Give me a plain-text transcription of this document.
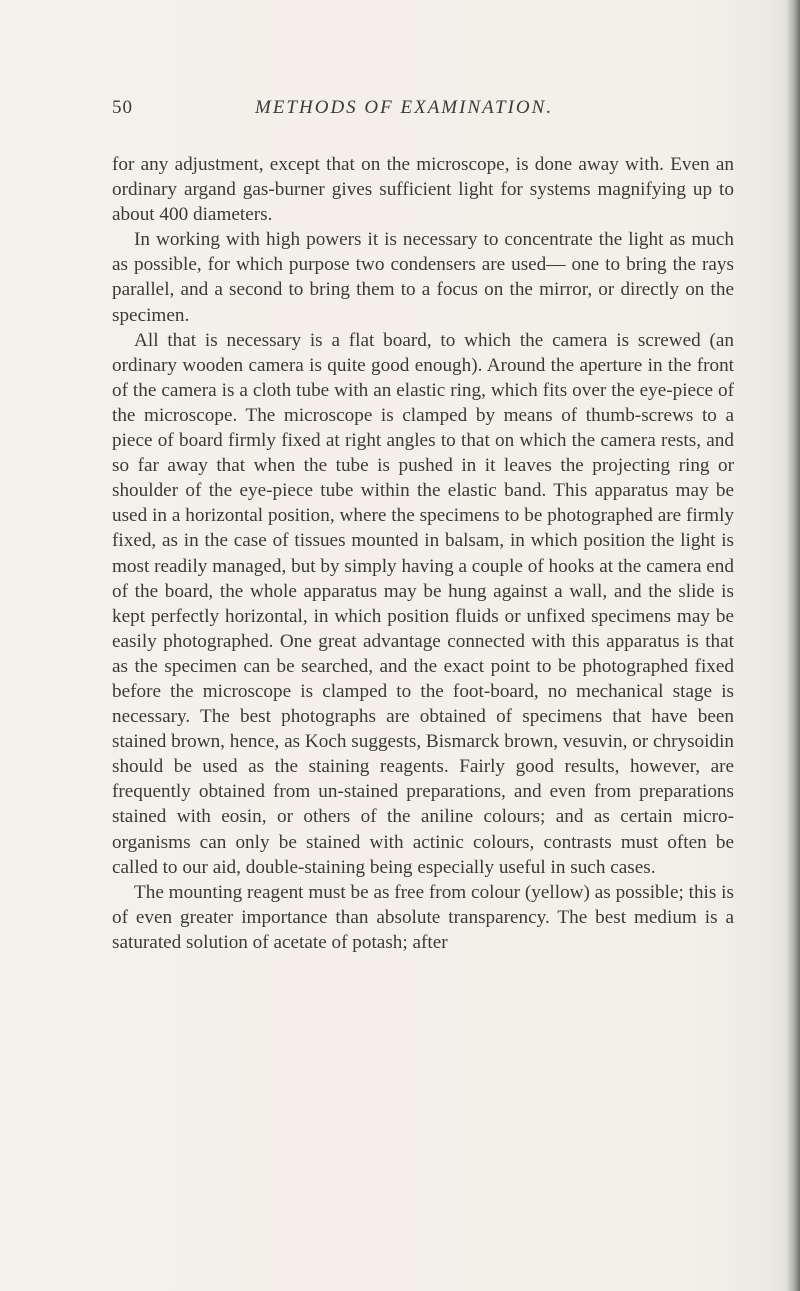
50	METHODS OF EXAMINATION.

for any adjustment, except that on the microscope, is done away with. Even an ordinary argand gas-burner gives sufficient light for systems magnifying up to about 400 diameters.

In working with high powers it is necessary to concentrate the light as much as possible, for which purpose two condensers are used— one to bring the rays parallel, and a second to bring them to a focus on the mirror, or directly on the specimen.

All that is necessary is a flat board, to which the camera is screwed (an ordinary wooden camera is quite good enough). Around the aperture in the front of the camera is a cloth tube with an elastic ring, which fits over the eye-piece of the microscope. The microscope is clamped by means of thumb-screws to a piece of board firmly fixed at right angles to that on which the camera rests, and so far away that when the tube is pushed in it leaves the projecting ring or shoulder of the eye-piece tube within the elastic band. This apparatus may be used in a horizontal position, where the specimens to be photographed are firmly fixed, as in the case of tissues mounted in balsam, in which position the light is most readily managed, but by simply having a couple of hooks at the camera end of the board, the whole apparatus may be hung against a wall, and the slide is kept perfectly horizontal, in which position fluids or unfixed specimens may be easily photographed. One great advantage connected with this apparatus is that as the specimen can be searched, and the exact point to be photographed fixed before the microscope is clamped to the foot-board, no mechanical stage is necessary. The best photographs are obtained of specimens that have been stained brown, hence, as Koch suggests, Bismarck brown, vesuvin, or chrysoidin should be used as the staining reagents. Fairly good results, however, are frequently obtained from un-stained preparations, and even from preparations stained with eosin, or others of the aniline colours; and as certain micro-organisms can only be stained with actinic colours, contrasts must often be called to our aid, double-staining being especially useful in such cases.

The mounting reagent must be as free from colour (yellow) as possible; this is of even greater importance than absolute transparency. The best medium is a saturated solution of acetate of potash; after
